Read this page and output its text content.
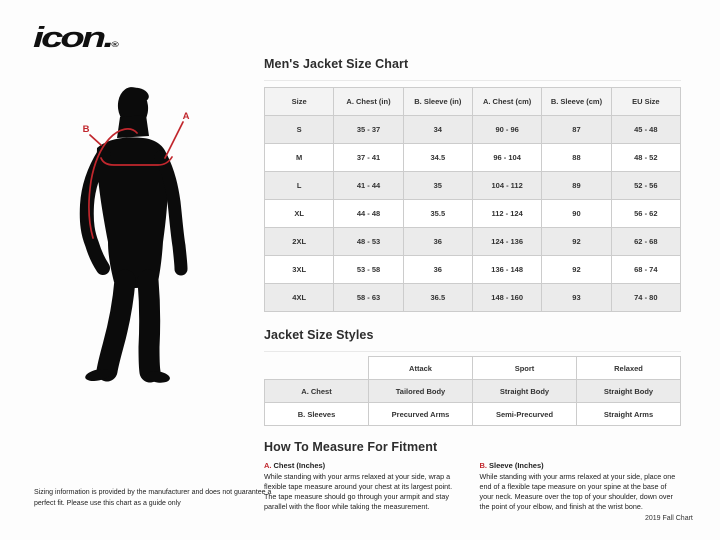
icon.®
B
A
Men's Jacket Size Chart
Size	A. Chest (in)	B. Sleeve (in)	A. Chest (cm)	B. Sleeve (cm)	EU Size
S	35 - 37	34	90 - 96	87	45 - 48
M	37 - 41	34.5	96 - 104	88	48 - 52
L	41 - 44	35	104 - 112	89	52 - 56
XL	44 - 48	35.5	112 - 124	90	56 - 62
2XL	48 - 53	36	124 - 136	92	62 - 68
3XL	53 - 58	36	136 - 148	92	68 - 74
4XL	58 - 63	36.5	148 - 160	93	74 - 80
Jacket Size Styles
	Attack	Sport	Relaxed
A. Chest	Tailored Body	Straight Body	Straight Body
B. Sleeves	Precurved Arms	Semi-Precurved	Straight Arms
How To Measure For Fitment
A. Chest (Inches)

While standing with your arms relaxed at your side, wrap a flexible tape measure around your chest at its largest point. The tape measure should go through your armpit and stay parallel with the floor while taking the measurement.

B. Sleeve (Inches)

While standing with your arms relaxed at your side, place one end of a flexible tape measure on your spine at the base of your neck. Measure over the top of your shoulder, down over the point of your elbow, and finish at the wrist bone.

Sizing information is provided by the manufacturer and does not guarantee a perfect fit. Please use this chart as a guide only

2019 Fall Chart
